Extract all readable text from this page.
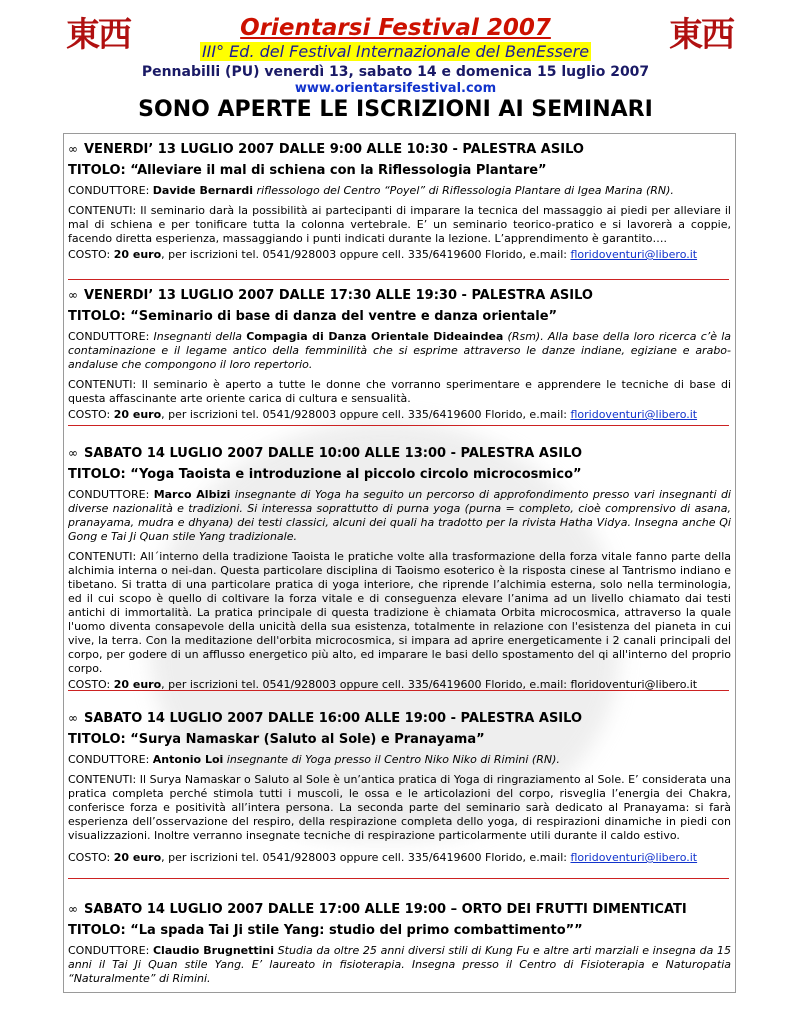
東西	東西
Orientarsi Festival 2007
III° Ed. del Festival Internazionale del BenEssere
Pennabilli (PU) venerdì 13, sabato 14 e domenica 15 luglio 2007
www.orientarsifestival.com
SONO APERTE LE ISCRIZIONI AI SEMINARI
∞ VENERDI’ 13 LUGLIO 2007 DALLE 9:00 ALLE 10:30 - PALESTRA ASILO
TITOLO: “Alleviare il mal di schiena con la Riflessologia Plantare”
CONDUTTORE: Davide Bernardi riflessologo del Centro “Poyel” di Riflessologia Plantare di Igea Marina (RN).
CONTENUTI: Il seminario darà la possibilità ai partecipanti di imparare la tecnica del massaggio ai piedi per alleviare il mal di schiena e per tonificare tutta la colonna vertebrale. E’ un seminario teorico-pratico e si lavorerà a coppie, facendo diretta esperienza, massaggiando i punti indicati durante la lezione. L’apprendimento è garantito….
COSTO: 20 euro, per iscrizioni tel. 0541/928003 oppure cell. 335/6419600 Florido, e.mail: floridoventuri@libero.it
∞ VENERDI’ 13 LUGLIO 2007 DALLE 17:30 ALLE 19:30 - PALESTRA ASILO
TITOLO: “Seminario di base di danza del ventre e danza orientale”
CONDUTTORE: Insegnanti della Compagia di Danza Orientale Dideaindea (Rsm). Alla base della loro ricerca c’è la contaminazione e il legame antico della femminilità che si esprime attraverso le danze indiane, egiziane e arabo-andaluse che compongono il loro repertorio.
CONTENUTI: Il seminario è aperto a tutte le donne che vorranno sperimentare e apprendere le tecniche di base di questa affascinante arte oriente carica di cultura e sensualità.
COSTO: 20 euro, per iscrizioni tel. 0541/928003 oppure cell. 335/6419600 Florido, e.mail: floridoventuri@libero.it
∞ SABATO 14 LUGLIO 2007 DALLE 10:00 ALLE 13:00 - PALESTRA ASILO
TITOLO: “Yoga Taoista e introduzione al piccolo circolo microcosmico”
CONDUTTORE: Marco Albizi insegnante di Yoga ha seguito un percorso di approfondimento presso vari insegnanti di diverse nazionalità e tradizioni. Si interessa soprattutto di purna yoga (purna = completo, cioè comprensivo di asana, pranayama, mudra e dhyana) dei testi classici, alcuni dei quali ha tradotto per la rivista Hatha Vidya. Insegna anche Qi Gong e Tai Ji Quan stile Yang tradizionale.
CONTENUTI: All´interno della tradizione Taoista le pratiche volte alla trasformazione della forza vitale fanno parte della alchimia interna o nei-dan. Questa particolare disciplina di Taoismo esoterico è la risposta cinese al Tantrismo indiano e tibetano. Si tratta di una particolare pratica di yoga interiore, che riprende l’alchimia esterna, solo nella terminologia, ed il cui scopo è quello di coltivare la forza vitale e di conseguenza elevare l’anima ad un livello chiamato dai testi antichi di immortalità. La pratica principale di questa tradizione è chiamata Orbita microcosmica, attraverso la quale l'uomo diventa consapevole della unicità della sua esistenza, totalmente in relazione con l'esistenza del pianeta in cui vive, la terra. Con la meditazione dell'orbita microcosmica, si impara ad aprire energeticamente i 2 canali principali del corpo, per godere di un afflusso energetico più alto, ed imparare le basi dello spostamento del qi all'interno del proprio corpo.
COSTO: 20 euro, per iscrizioni tel. 0541/928003 oppure cell. 335/6419600 Florido, e.mail: floridoventuri@libero.it
∞ SABATO 14 LUGLIO 2007 DALLE 16:00 ALLE 19:00 - PALESTRA ASILO
TITOLO: “Surya Namaskar (Saluto al Sole) e Pranayama”
CONDUTTORE: Antonio Loi insegnante di Yoga presso il Centro Niko Niko di Rimini (RN).
CONTENUTI: Il Surya Namaskar o Saluto al Sole è un’antica pratica di Yoga di ringraziamento al Sole. E’ considerata una pratica completa perché stimola tutti i muscoli, le ossa e le articolazioni del corpo, risveglia l’energia dei Chakra, conferisce forza e positività all’intera persona. La seconda parte del seminario sarà dedicato al Pranayama: si farà esperienza dell’osservazione del respiro, della respirazione completa dello yoga, di respirazioni dinamiche in piedi con visualizzazioni. Inoltre verranno insegnate tecniche di respirazione particolarmente utili durante il caldo estivo.
COSTO: 20 euro, per iscrizioni tel. 0541/928003 oppure cell. 335/6419600 Florido, e.mail: floridoventuri@libero.it
∞ SABATO 14 LUGLIO 2007 DALLE 17:00 ALLE 19:00 – ORTO DEI FRUTTI DIMENTICATI
TITOLO: “La spada Tai Ji stile Yang: studio del primo combattimento””
CONDUTTORE: Claudio Brugnettini Studia da oltre 25 anni diversi stili di Kung Fu e altre arti marziali e insegna da 15 anni il Tai Ji Quan stile Yang. E’ laureato in fisioterapia. Insegna presso il Centro di Fisioterapia e Naturopatia “Naturalmente” di Rimini.
